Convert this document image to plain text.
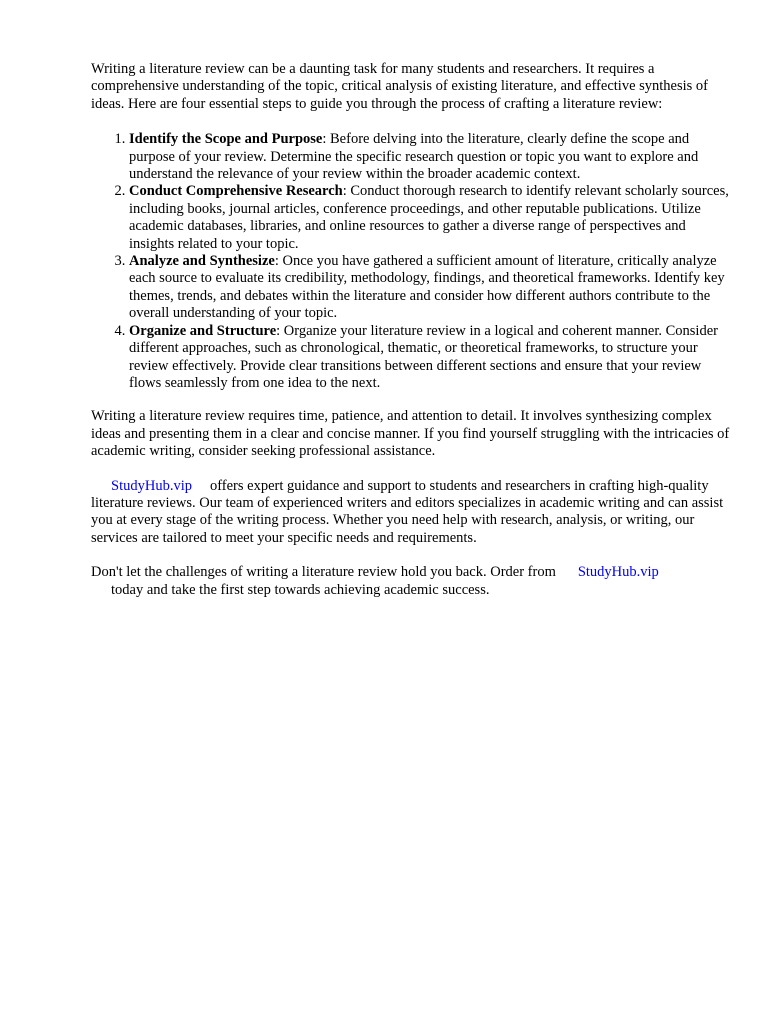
Writing a literature review can be a daunting task for many students and researchers. It requires a comprehensive understanding of the topic, critical analysis of existing literature, and effective synthesis of ideas. Here are four essential steps to guide you through the process of crafting a literature review:

1. Identify the Scope and Purpose: Before delving into the literature, clearly define the scope and purpose of your review. Determine the specific research question or topic you want to explore and understand the relevance of your review within the broader academic context.
2. Conduct Comprehensive Research: Conduct thorough research to identify relevant scholarly sources, including books, journal articles, conference proceedings, and other reputable publications. Utilize academic databases, libraries, and online resources to gather a diverse range of perspectives and insights related to your topic.
3. Analyze and Synthesize: Once you have gathered a sufficient amount of literature, critically analyze each source to evaluate its credibility, methodology, findings, and theoretical frameworks. Identify key themes, trends, and debates within the literature and consider how different authors contribute to the overall understanding of your topic.
4. Organize and Structure: Organize your literature review in a logical and coherent manner. Consider different approaches, such as chronological, thematic, or theoretical frameworks, to structure your review effectively. Provide clear transitions between different sections and ensure that your review flows seamlessly from one idea to the next.

Writing a literature review requires time, patience, and attention to detail. It involves synthesizing complex ideas and presenting them in a clear and concise manner. If you find yourself struggling with the intricacies of academic writing, consider seeking professional assistance.

StudyHub.vip offers expert guidance and support to students and researchers in crafting high-quality literature reviews. Our team of experienced writers and editors specializes in academic writing and can assist you at every stage of the writing process. Whether you need help with research, analysis, or writing, our services are tailored to meet your specific needs and requirements.

Don't let the challenges of writing a literature review hold you back. Order from StudyHub.vip
today and take the first step towards achieving academic success.
